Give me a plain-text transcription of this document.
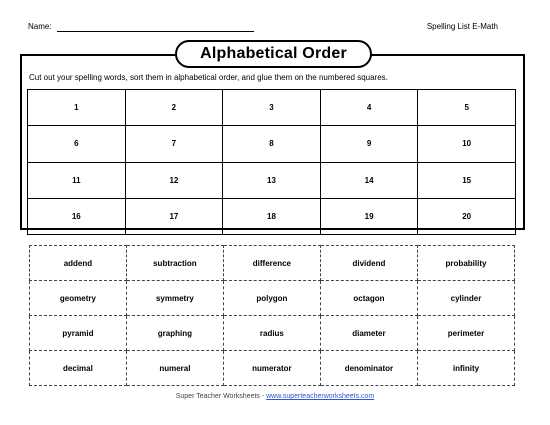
Name:	Spelling List E-Math
Alphabetical Order
Cut out your spelling words, sort them in alphabetical order, and glue them on the numbered squares.
1	2	3	4	5
6	7	8	9	10
11	12	13	14	15
16	17	18	19	20
addend	subtraction	difference	dividend	probability
geometry	symmetry	polygon	octagon	cylinder
pyramid	graphing	radius	diameter	perimeter
decimal	numeral	numerator	denominator	infinity
Super Teacher Worksheets - www.superteacherworksheets.com
